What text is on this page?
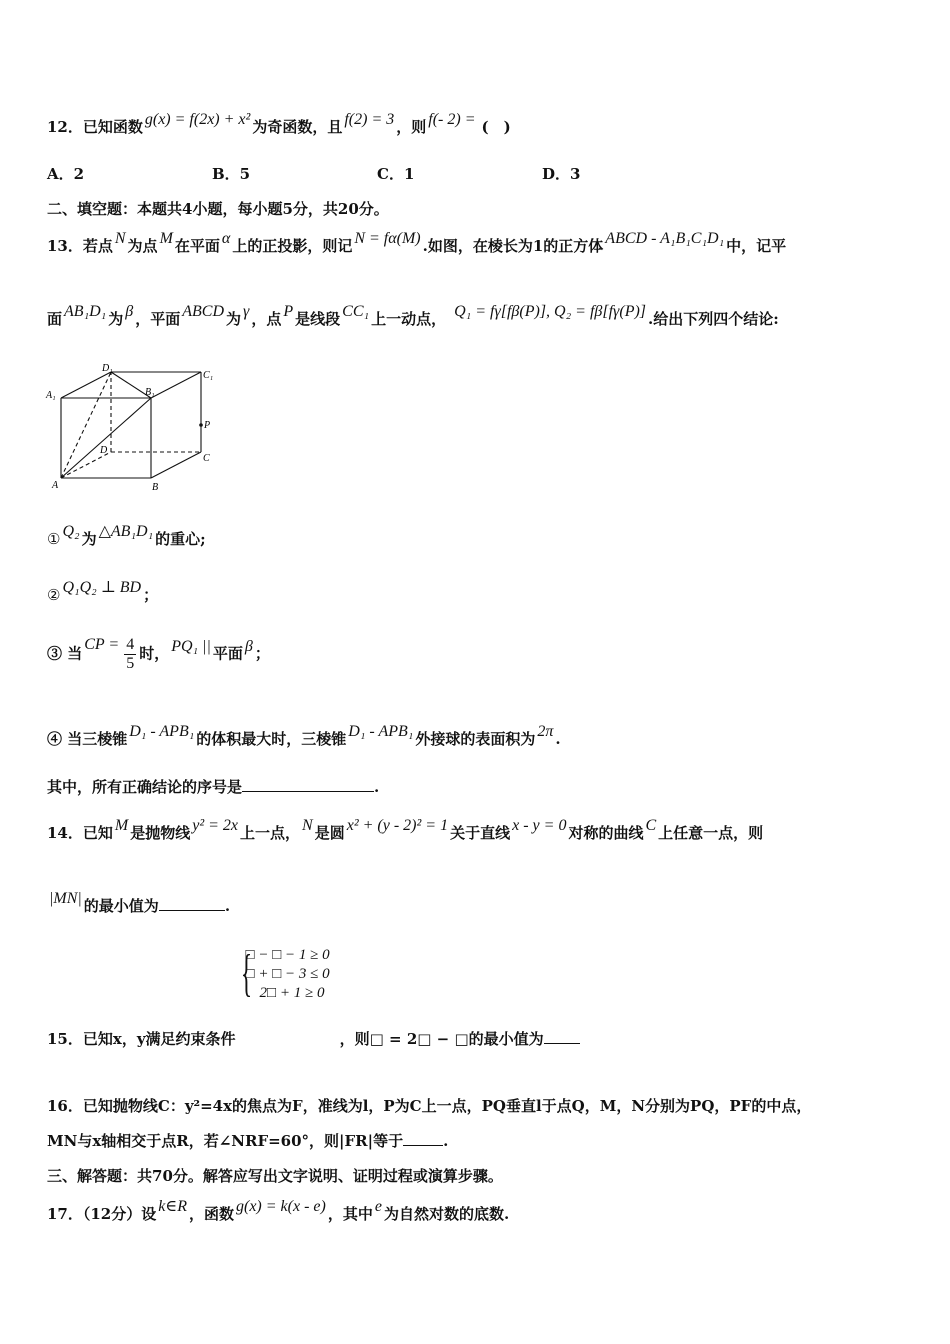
12．已知函数 g(x) = f(2x) + x² 为奇函数，且 f(2) = 3 ，则 f(- 2) = (　)
A．2	B．5	C．1	D．3
二、填空题：本题共4小题，每小题5分，共20分。
13．若点 N 为点 M 在平面 α 上的正投影，则记 N = fα(M) .如图，在棱长为1的正方体 ABCD - A₁B₁C₁D₁ 中，记平
面 AB₁D₁ 为 β ，平面 ABCD 为 γ ，点 P 是线段 CC₁ 上一动点， Q₁ = fγ[fβ(P)], Q₂ = fβ[fγ(P)] .给出下列四个结论:
D₁
C₁
A₁	B₁
P
D
C
A	B
① Q₂ 为 △AB₁D₁ 的重心;
② Q₁Q₂ ⊥ BD ；
③ 当CP = $\frac{4}{5}$ 时， PQ₁ || 平面 β ；
④ 当三棱锥 D₁ - APB₁ 的体积最大时，三棱锥 D₁ - APB₁ 外接球的表面积为 2π .
其中，所有正确结论的序号是	.
14．已知 M 是抛物线 y² = 2x 上一点， N 是圆 x² + (y - 2)² = 1 关于直线 x - y = 0 对称的曲线 C 上任意一点，则
|MN| 的最小值为	.
15．已知x，y满足约束条件
{ □ − □ − 1 ≥ 0
□ + □ − 3 ≤ 0
2□ + 1 ≥ 0
，则□ = 2□ − □的最小值为
16．已知抛物线C：y²=4x的焦点为F，准线为l，P为C上一点，PQ垂直l于点Q，M，N分别为PQ，PF的中点，
MN与x轴相交于点R，若∠NRF=60°，则|FR|等于	.
三、解答题：共70分。解答应写出文字说明、证明过程或演算步骤。
17．（12分）设 k∈R ，函数 g(x) = k(x - e) ，其中 e 为自然对数的底数.
